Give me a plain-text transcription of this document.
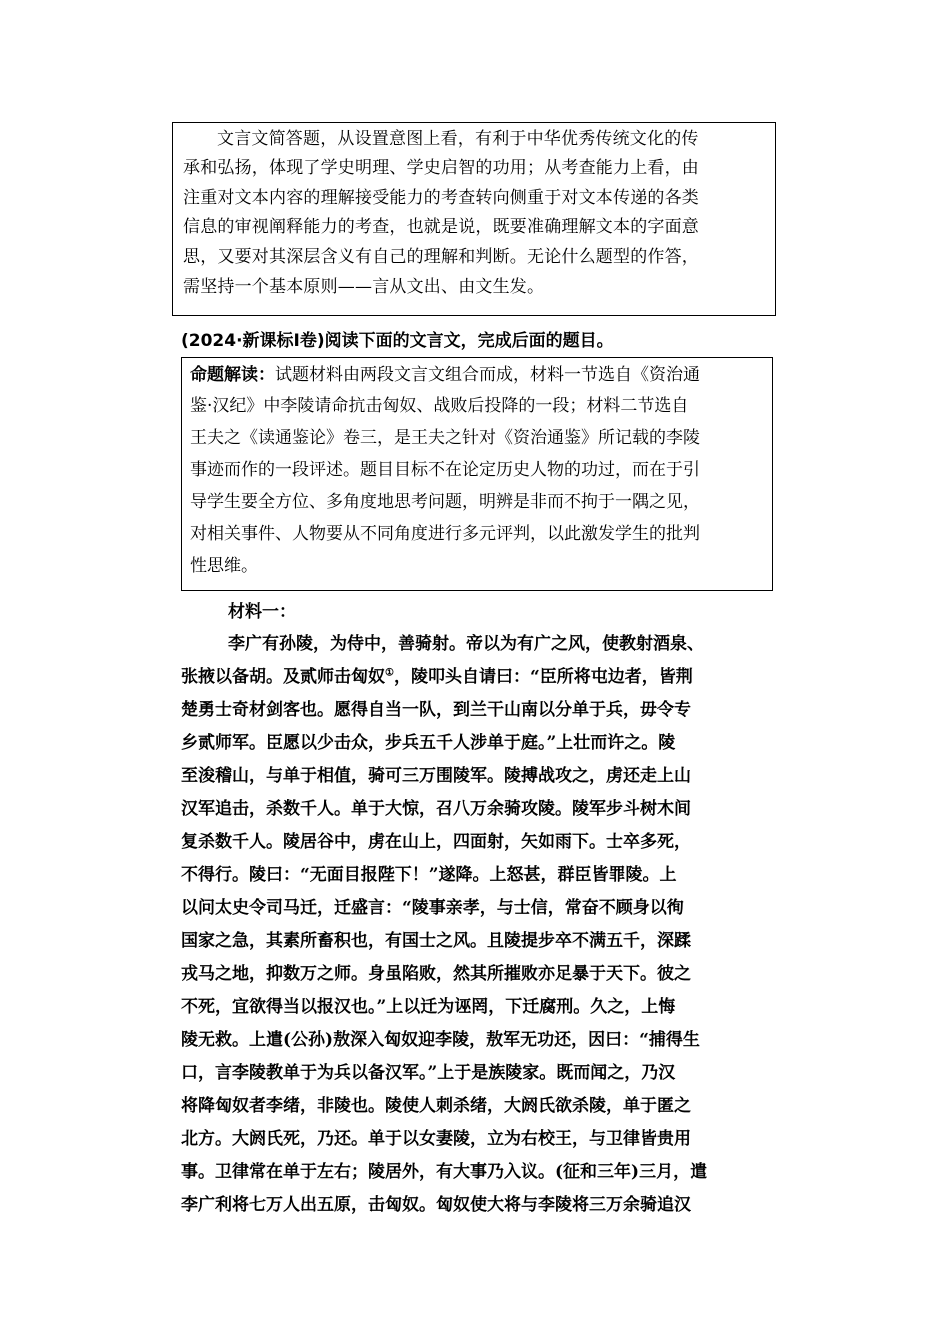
文言文简答题，从设置意图上看，有利于中华优秀传统文化的传
承和弘扬，体现了学史明理、学史启智的功用；从考查能力上看，由
注重对文本内容的理解接受能力的考查转向侧重于对文本传递的各类
信息的审视阐释能力的考查，也就是说，既要准确理解文本的字面意
思，又要对其深层含义有自己的理解和判断。无论什么题型的作答，
需坚持一个基本原则——言从文出、由文生发。
(2024·新课标Ⅰ卷)阅读下面的文言文，完成后面的题目。
命题解读：试题材料由两段文言文组合而成，材料一节选自《资治通
鉴·汉纪》中李陵请命抗击匈奴、战败后投降的一段；材料二节选自
王夫之《读通鉴论》卷三，是王夫之针对《资治通鉴》所记载的李陵
事迹而作的一段评述。题目目标不在论定历史人物的功过，而在于引
导学生要全方位、多角度地思考问题，明辨是非而不拘于一隅之见，
对相关事件、人物要从不同角度进行多元评判，以此激发学生的批判
性思维。
材料一：
李广有孙陵，为侍中，善骑射。帝以为有广之风，使教射酒泉、
张掖以备胡。及贰师击匈奴①，陵叩头自请曰：“臣所将屯边者，皆荆
楚勇士奇材剑客也。愿得自当一队，到兰干山南以分单于兵，毋令专
乡贰师军。臣愿以少击众，步兵五千人涉单于庭。”上壮而许之。陵
至浚稽山，与单于相值，骑可三万围陵军。陵搏战攻之，虏还走上山
汉军追击，杀数千人。单于大惊，召八万余骑攻陵。陵军步斗树木间
复杀数千人。陵居谷中，虏在山上，四面射，矢如雨下。士卒多死，
不得行。陵曰：“无面目报陛下！”遂降。上怒甚，群臣皆罪陵。上
以问太史令司马迁，迁盛言：“陵事亲孝，与士信，常奋不顾身以徇
国家之急，其素所畜积也，有国士之风。且陵提步卒不满五千，深蹂
戎马之地，抑数万之师。身虽陷败，然其所摧败亦足暴于天下。彼之
不死，宜欲得当以报汉也。”上以迁为诬罔，下迁腐刑。久之，上悔
陵无救。上遣(公孙)敖深入匈奴迎李陵，敖军无功还，因曰：“捕得生
口，言李陵教单于为兵以备汉军。”上于是族陵家。既而闻之，乃汉
将降匈奴者李绪，非陵也。陵使人刺杀绪，大阏氏欲杀陵，单于匿之
北方。大阏氏死，乃还。单于以女妻陵，立为右校王，与卫律皆贵用
事。卫律常在单于左右；陵居外，有大事乃入议。(征和三年)三月，遣
李广利将七万人出五原，击匈奴。匈奴使大将与李陵将三万余骑追汉
